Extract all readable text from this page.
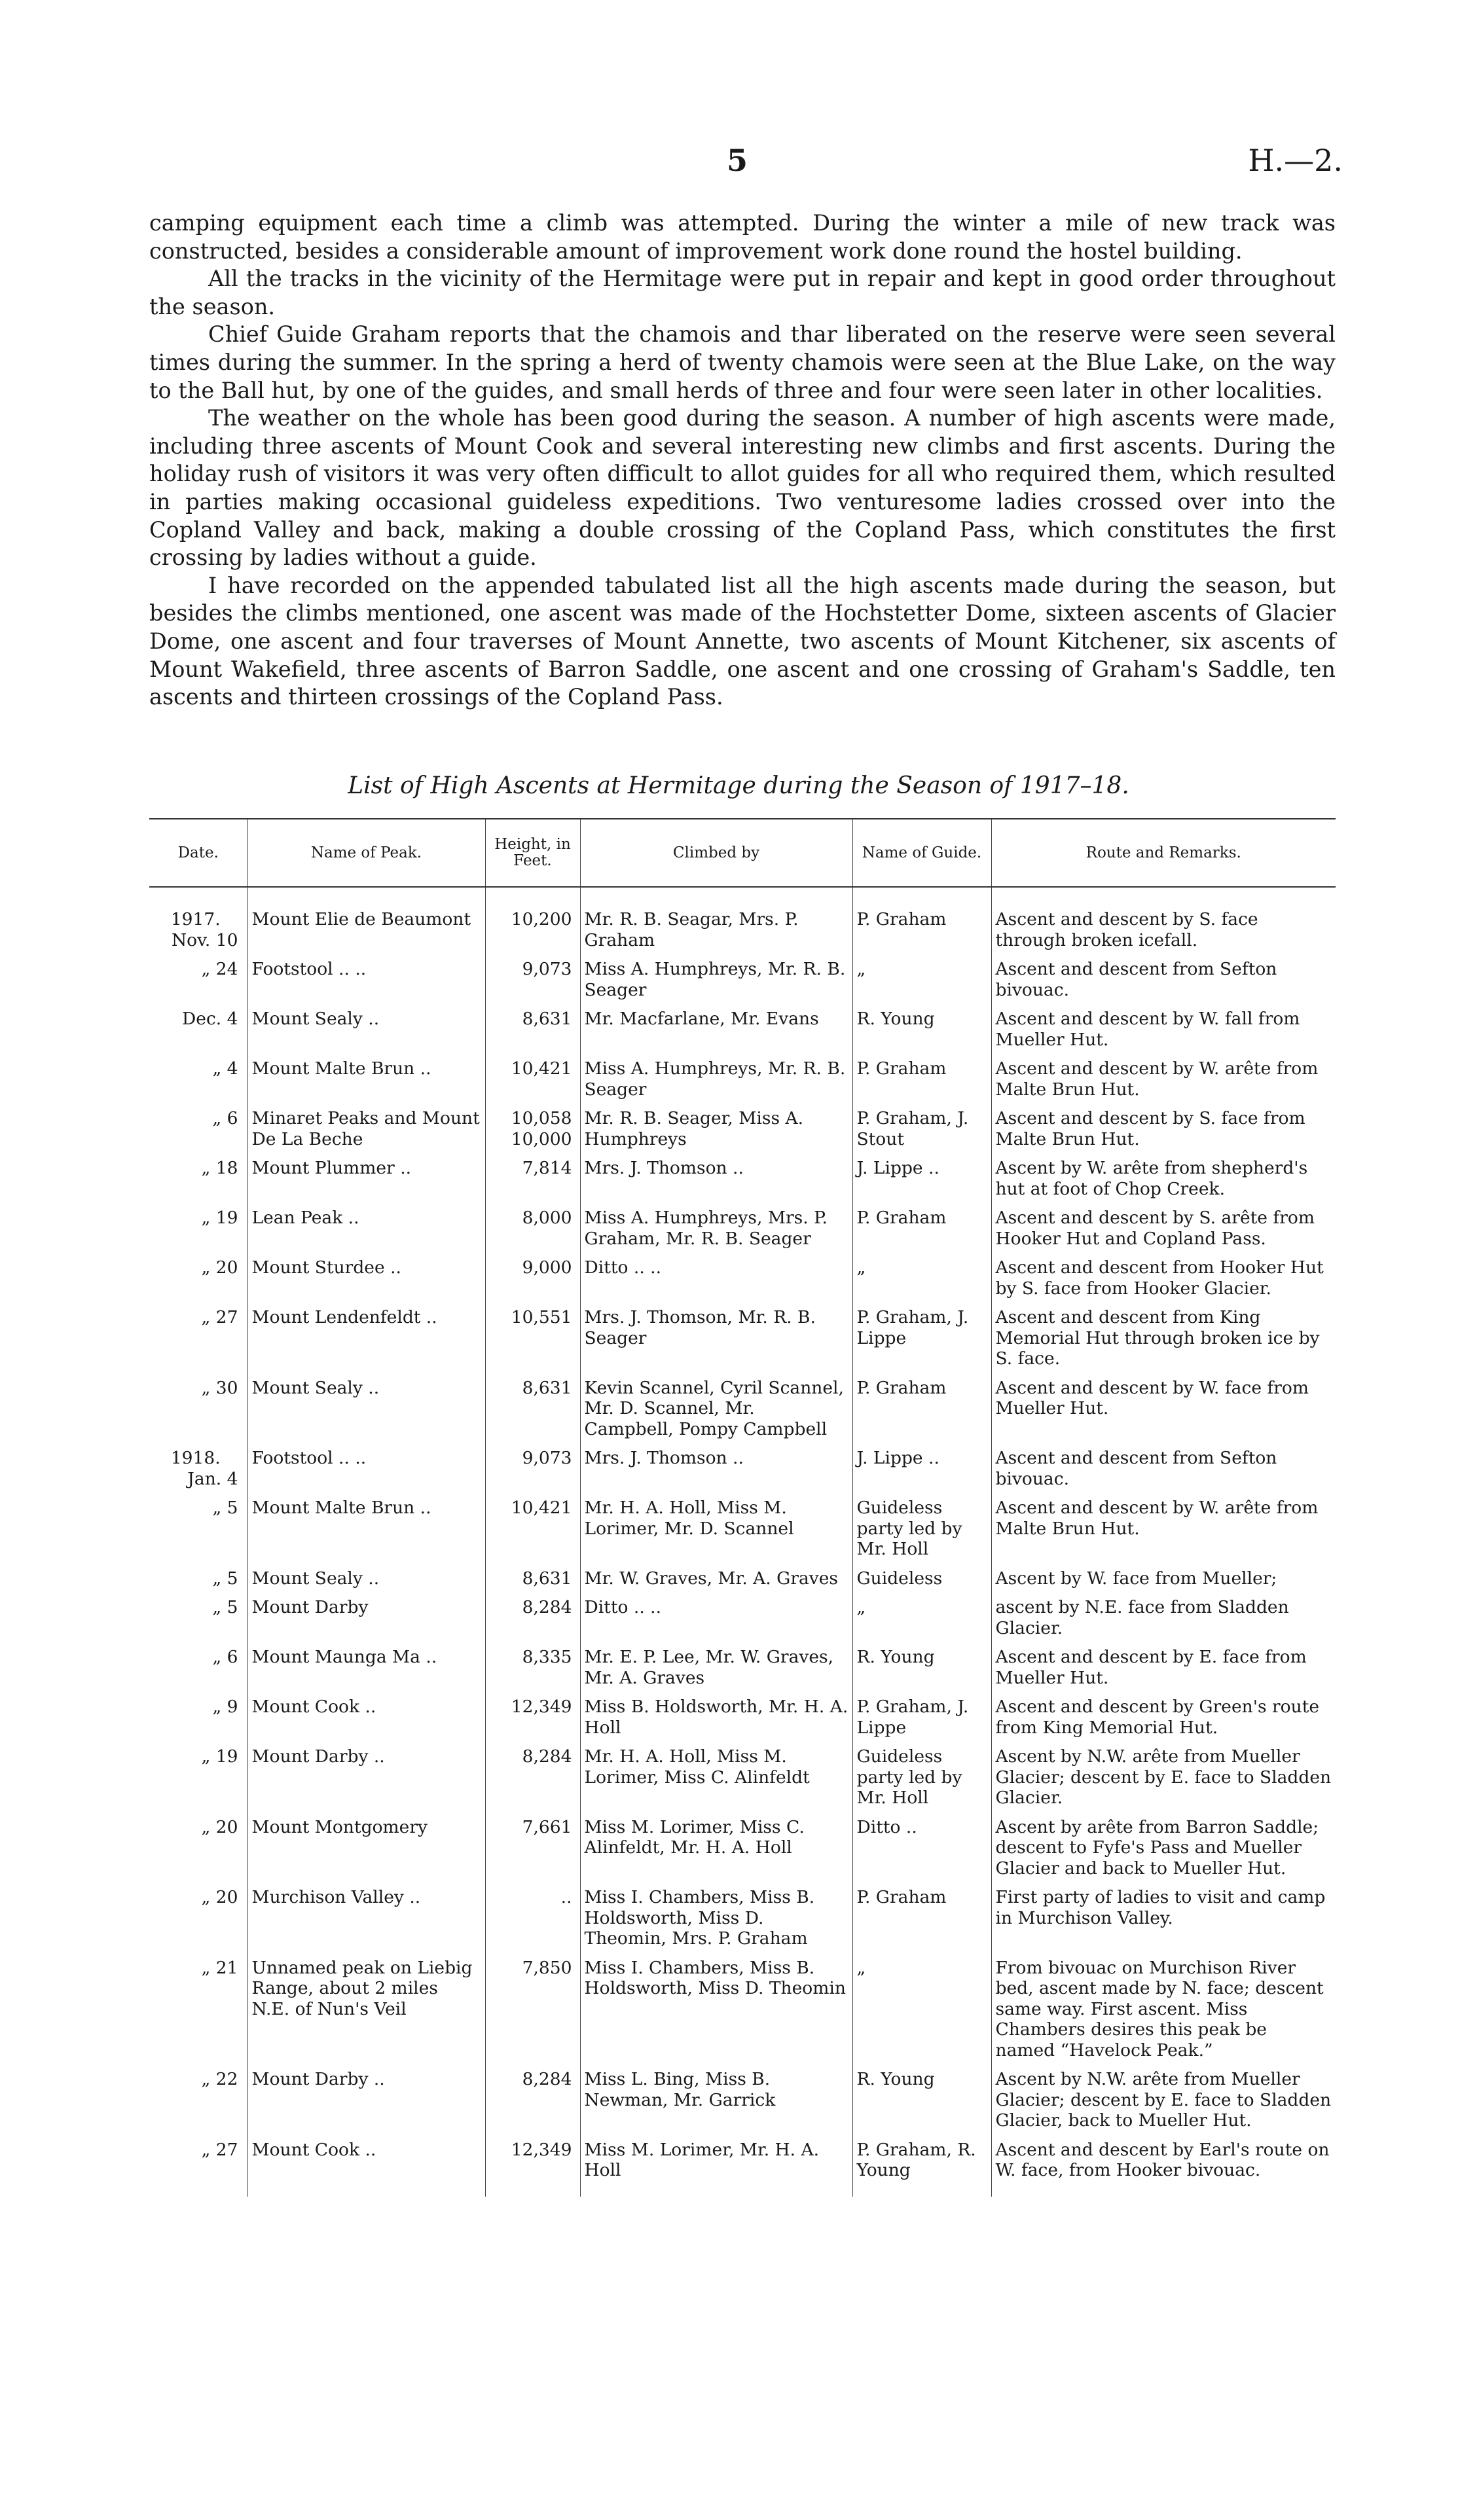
5	H.—2.

camping equipment each time a climb was attempted. During the winter a mile of new track was constructed, besides a considerable amount of improvement work done round the hostel building.

All the tracks in the vicinity of the Hermitage were put in repair and kept in good order throughout the season.

Chief Guide Graham reports that the chamois and thar liberated on the reserve were seen several times during the summer. In the spring a herd of twenty chamois were seen at the Blue Lake, on the way to the Ball hut, by one of the guides, and small herds of three and four were seen later in other localities.

The weather on the whole has been good during the season. A number of high ascents were made, including three ascents of Mount Cook and several interesting new climbs and first ascents. During the holiday rush of visitors it was very often difficult to allot guides for all who required them, which resulted in parties making occasional guideless expeditions. Two venturesome ladies crossed over into the Copland Valley and back, making a double crossing of the Copland Pass, which constitutes the first crossing by ladies without a guide.

I have recorded on the appended tabulated list all the high ascents made during the season, but besides the climbs mentioned, one ascent was made of the Hochstetter Dome, sixteen ascents of Glacier Dome, one ascent and four traverses of Mount Annette, two ascents of Mount Kitchener, six ascents of Mount Wakefield, three ascents of Barron Saddle, one ascent and one crossing of Graham's Saddle, ten ascents and thirteen crossings of the Copland Pass.

List of High Ascents at Hermitage during the Season of 1917–18.
Date.	Name of Peak.	Height, in Feet.	Climbed by	Name of Guide.	Route and Remarks.

1917.
Nov. 10	Mount Elie de Beaumont	10,200	Mr. R. B. Seagar, Mrs. P. Graham	P. Graham	Ascent and descent by S. face through broken icefall.
„ 24	Footstool .. ..	9,073	Miss A. Humphreys, Mr. R. B. Seager	„	Ascent and descent from Sefton bivouac.
Dec. 4	Mount Sealy ..	8,631	Mr. Macfarlane, Mr. Evans	R. Young	Ascent and descent by W. fall from Mueller Hut.
„ 4	Mount Malte Brun ..	10,421	Miss A. Humphreys, Mr. R. B. Seager	P. Graham	Ascent and descent by W. arête from Malte Brun Hut.
„ 6	Minaret Peaks and Mount De La Beche	10,058 10,000	Mr. R. B. Seager, Miss A. Humphreys	P. Graham, J. Stout	Ascent and descent by S. face from Malte Brun Hut.
„ 18	Mount Plummer ..	7,814	Mrs. J. Thomson ..	J. Lippe ..	Ascent by W. arête from shepherd's hut at foot of Chop Creek.
„ 19	Lean Peak ..	8,000	Miss A. Humphreys, Mrs. P. Graham, Mr. R. B. Seager	P. Graham	Ascent and descent by S. arête from Hooker Hut and Copland Pass.
„ 20	Mount Sturdee ..	9,000	Ditto .. ..	„	Ascent and descent from Hooker Hut by S. face from Hooker Glacier.
„ 27	Mount Lendenfeldt ..	10,551	Mrs. J. Thomson, Mr. R. B. Seager	P. Graham, J. Lippe	Ascent and descent from King Memorial Hut through broken ice by S. face.
„ 30	Mount Sealy ..	8,631	Kevin Scannel, Cyril Scannel, Mr. D. Scannel, Mr. Campbell, Pompy Campbell	P. Graham	Ascent and descent by W. face from Mueller Hut.

1918.
Jan. 4	Footstool .. ..	9,073	Mrs. J. Thomson ..	J. Lippe ..	Ascent and descent from Sefton bivouac.
„ 5	Mount Malte Brun ..	10,421	Mr. H. A. Holl, Miss M. Lorimer, Mr. D. Scannel	Guideless party led by Mr. Holl	Ascent and descent by W. arête from Malte Brun Hut.
„ 5	Mount Sealy ..	8,631	Mr. W. Graves, Mr. A. Graves	Guideless	Ascent by W. face from Mueller;
„ 5	Mount Darby	8,284	Ditto .. ..	„	ascent by N.E. face from Sladden Glacier.
„ 6	Mount Maunga Ma ..	8,335	Mr. E. P. Lee, Mr. W. Graves, Mr. A. Graves	R. Young	Ascent and descent by E. face from Mueller Hut.
„ 9	Mount Cook ..	12,349	Miss B. Holdsworth, Mr. H. A. Holl	P. Graham, J. Lippe	Ascent and descent by Green's route from King Memorial Hut.
„ 19	Mount Darby ..	8,284	Mr. H. A. Holl, Miss M. Lorimer, Miss C. Alinfeldt	Guideless party led by Mr. Holl	Ascent by N.W. arête from Mueller Glacier; descent by E. face to Sladden Glacier.
„ 20	Mount Montgomery	7,661	Miss M. Lorimer, Miss C. Alinfeldt, Mr. H. A. Holl	Ditto ..	Ascent by arête from Barron Saddle; descent to Fyfe's Pass and Mueller Glacier and back to Mueller Hut.
„ 20	Murchison Valley ..	..	Miss I. Chambers, Miss B. Holdsworth, Miss D. Theomin, Mrs. P. Graham	P. Graham	First party of ladies to visit and camp in Murchison Valley.
„ 21	Unnamed peak on Liebig Range, about 2 miles N.E. of Nun's Veil	7,850	Miss I. Chambers, Miss B. Holdsworth, Miss D. Theomin	„	From bivouac on Murchison River bed, ascent made by N. face; descent same way. First ascent. Miss Chambers desires this peak be named “Havelock Peak.”
„ 22	Mount Darby ..	8,284	Miss L. Bing, Miss B. Newman, Mr. Garrick	R. Young	Ascent by N.W. arête from Mueller Glacier; descent by E. face to Sladden Glacier, back to Mueller Hut.
„ 27	Mount Cook ..	12,349	Miss M. Lorimer, Mr. H. A. Holl	P. Graham, R. Young	Ascent and descent by Earl's route on W. face, from Hooker bivouac.
